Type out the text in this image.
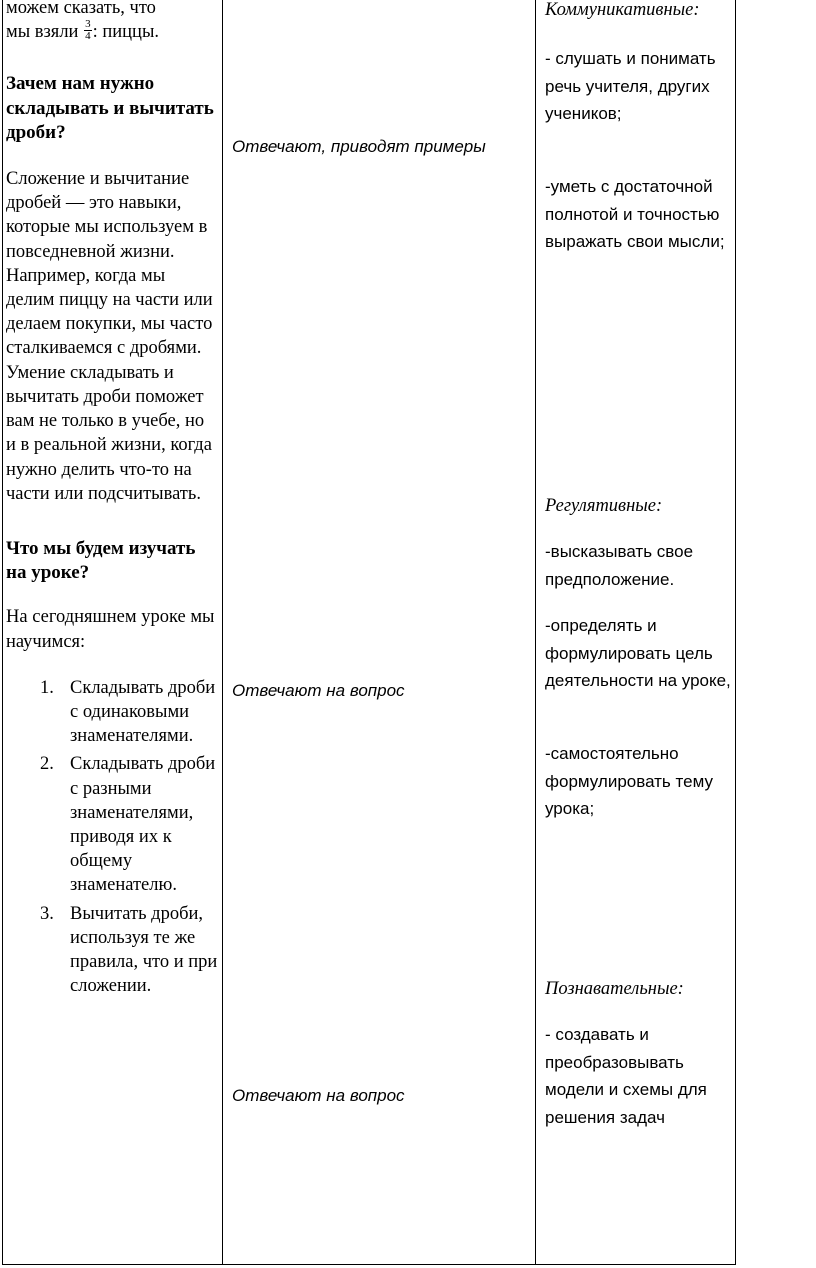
можем сказать, что

мы взяли $\frac{3}{4}$ : пиццы.

Зачем нам нужно складывать и вычитать дроби?

Сложение и вычитание дробей — это навыки, которые мы используем в повседневной жизни. Например, когда мы делим пиццу на части или делаем покупки, мы часто сталкиваемся с дробями. Умение складывать и вычитать дроби поможет вам не только в учебе, но и в реальной жизни, когда нужно делить что-то на части или подсчитывать.

Что мы будем изучать на уроке?

На сегодняшнем уроке мы научимся:

1. Складывать дроби с одинаковыми знаменателями.
2. Складывать дроби с разными знаменателями, приводя их к общему знаменателю.
3. Вычитать дроби, используя те же правила, что и при сложении.
Отвечают, приводят примеры
Отвечают на вопрос
Отвечают на вопрос

Коммуникативные:

- слушать и понимать речь учителя, других учеников;

-уметь с достаточной полнотой и точностью выражать свои мысли;

Регулятивные:

-высказывать свое предположение.

-определять и формулировать цель деятельности на уроке,

-самостоятельно формулировать тему урока;

Познавательные:

- создавать и преобразовывать модели и схемы для решения задач
